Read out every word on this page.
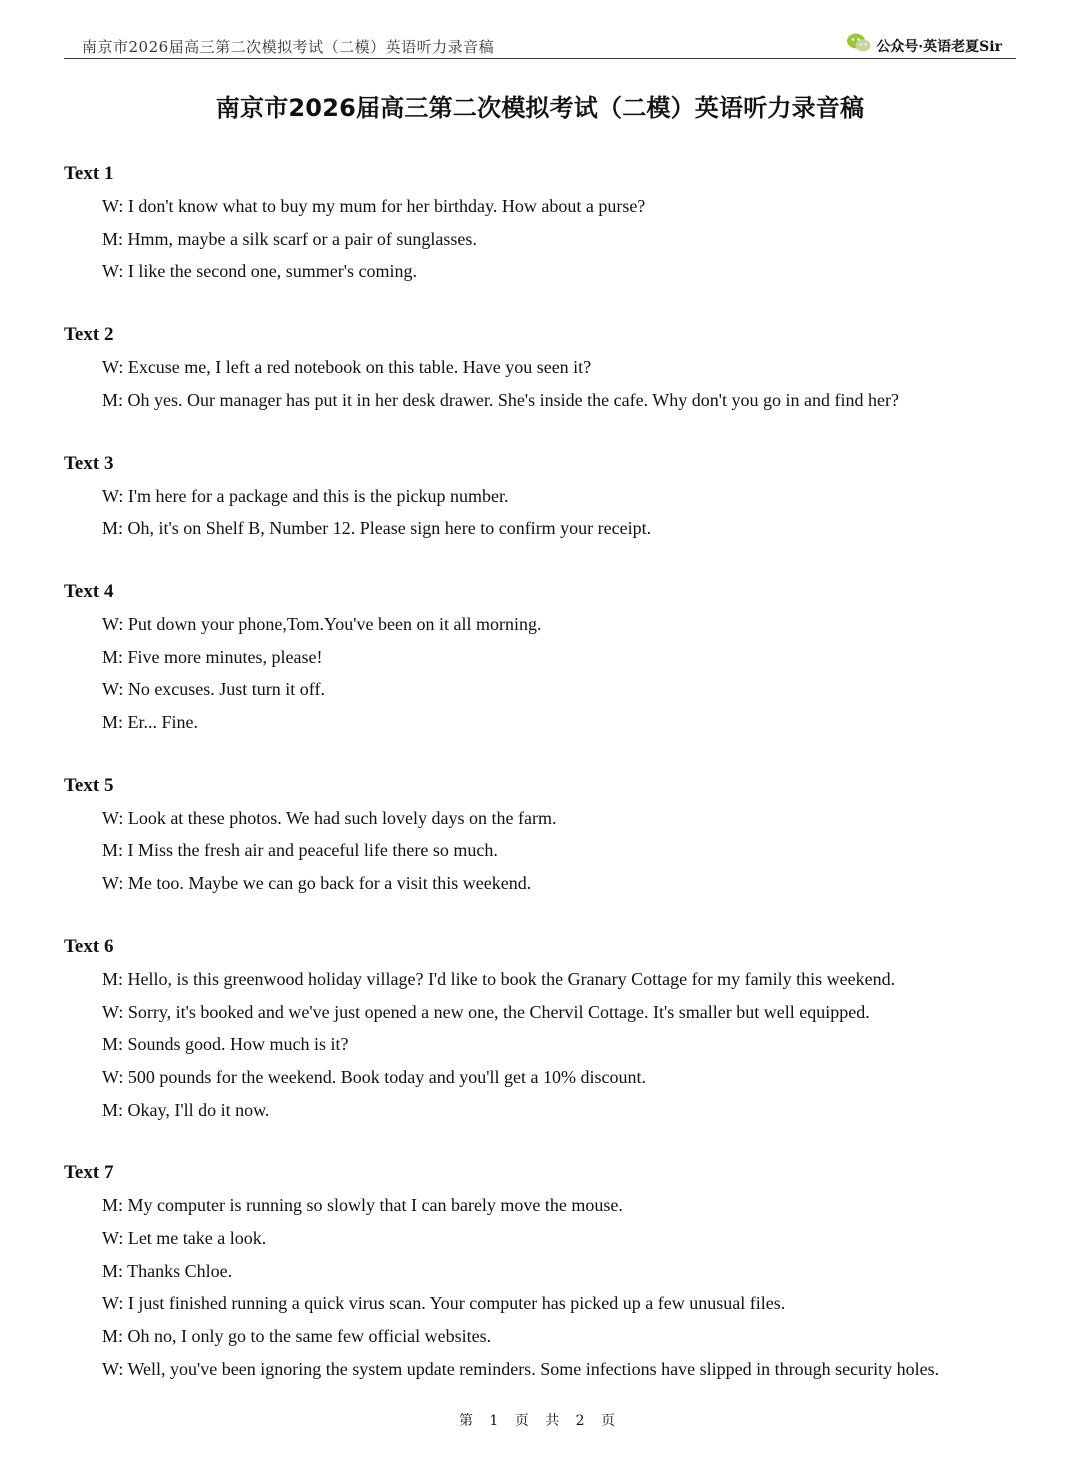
南京市2026届高三第二次模拟考试（二模）英语听力录音稿	公众号·英语老夏Sir
南京市2026届高三第二次模拟考试（二模）英语听力录音稿
Text 1
W: I don't know what to buy my mum for her birthday. How about a purse?
M: Hmm, maybe a silk scarf or a pair of sunglasses.
W: I like the second one, summer's coming.
Text 2
W: Excuse me, I left a red notebook on this table. Have you seen it?
M: Oh yes. Our manager has put it in her desk drawer. She's inside the cafe. Why don't you go in and find her?
Text 3
W: I'm here for a package and this is the pickup number.
M: Oh, it's on Shelf B, Number 12. Please sign here to confirm your receipt.
Text 4
W: Put down your phone,Tom.You've been on it all morning.
M: Five more minutes, please!
W: No excuses. Just turn it off.
M: Er... Fine.
Text 5
W: Look at these photos. We had such lovely days on the farm.
M: I Miss the fresh air and peaceful life there so much.
W: Me too. Maybe we can go back for a visit this weekend.
Text 6
M: Hello, is this greenwood holiday village? I'd like to book the Granary Cottage for my family this weekend.
W: Sorry, it's booked and we've just opened a new one, the Chervil Cottage. It's smaller but well equipped.
M: Sounds good. How much is it?
W: 500 pounds for the weekend. Book today and you'll get a 10% discount.
M: Okay, I'll do it now.
Text 7
M: My computer is running so slowly that I can barely move the mouse.
W: Let me take a look.
M: Thanks Chloe.
W: I just finished running a quick virus scan. Your computer has picked up a few unusual files.
M: Oh no, I only go to the same few official websites.
W: Well, you've been ignoring the system update reminders. Some infections have slipped in through security holes.
第 1 页 共 2 页
